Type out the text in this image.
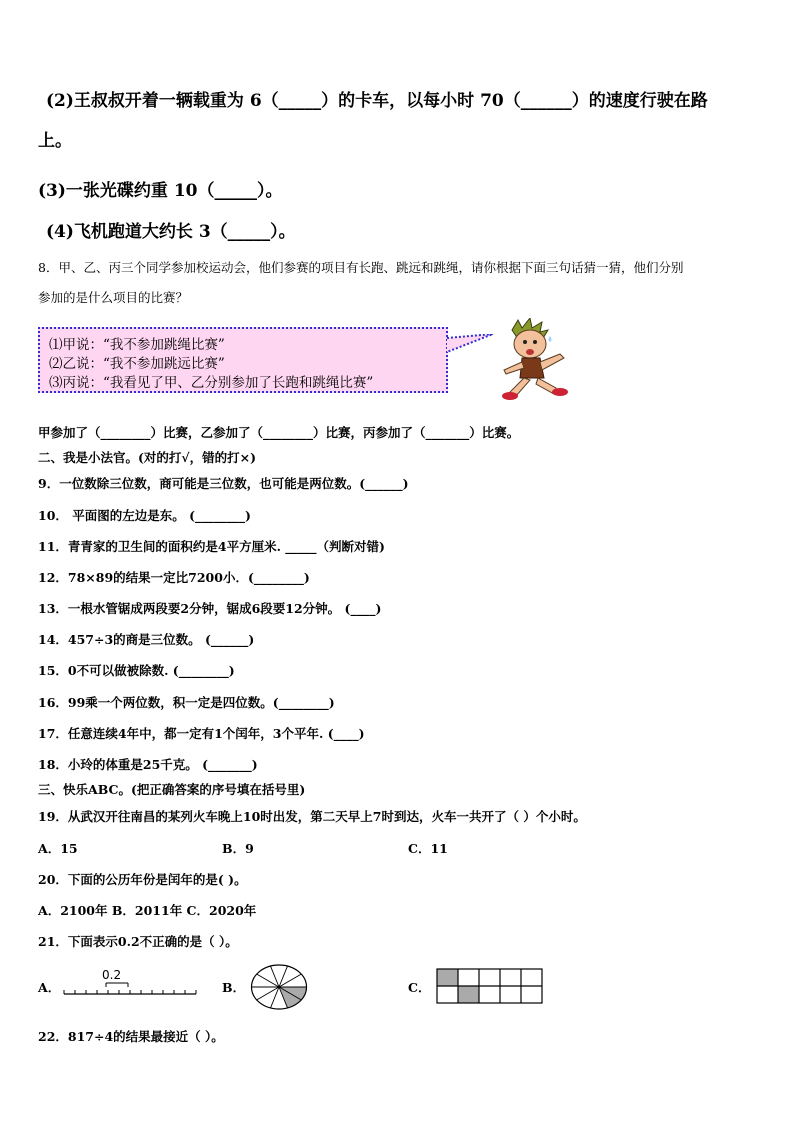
(2)王叔叔开着一辆载重为 6（_____）的卡车，以每小时 70（______）的速度行驶在路
上。
(3)一张光碟约重 10（_____）。
(4)飞机跑道大约长 3（_____）。
8．甲、乙、丙三个同学参加校运动会，他们参赛的项目有长跑、跳远和跳绳，请你根据下面三句话猜一猜，他们分别
参加的是什么项目的比赛？
⑴甲说：“我不参加跳绳比赛”
⑵乙说：“我不参加跳远比赛”
⑶丙说：“我看见了甲、乙分别参加了长跑和跳绳比赛”
甲参加了（________）比赛，乙参加了（________）比赛，丙参加了（_______）比赛。
二、我是小法官。(对的打√，错的打×)
9．一位数除三位数，商可能是三位数，也可能是两位数。(______)
10． 平面图的左边是东。 (________)
11．青青家的卫生间的面积约是4平方厘米. _____（判断对错)
12．78×89的结果一定比7200小．(________)
13．一根水管锯成两段要2分钟，锯成6段要12分钟。 (____)
14．457÷3的商是三位数。 (______)
15．0不可以做被除数. (________)
16．99乘一个两位数，积一定是四位数。(________)
17．任意连续4年中，都一定有1个闰年，3个平年. (____)
18．小玲的体重是25千克。 (_______)
三、快乐ABC。(把正确答案的序号填在括号里)
19．从武汉开往南昌的某列火车晚上10时出发，第二天早上7时到达，火车一共开了（ ）个小时。
A．15	B．9	C．11
20．下面的公历年份是闰年的是( )。
A．2100年 B．2011年 C．2020年
21．下面表示0.2不正确的是（ ）。
A．	B．	C．
0.2
22．817÷4的结果最接近（ ）。
